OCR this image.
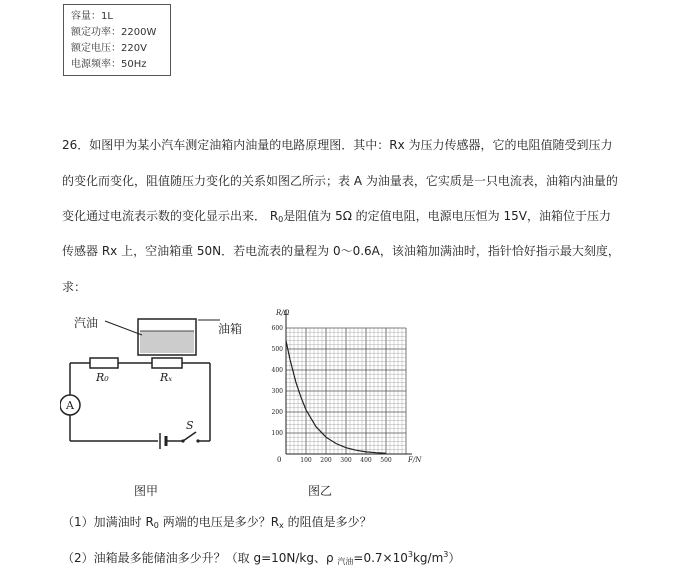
容量：1L
额定功率：2200W
额定电压：220V
电源频率：50Hz
26．如图甲为某小汽车测定油箱内油量的电路原理图．其中：Rx 为压力传感器，它的电阻值随受到压力
的变化而变化，阻值随压力变化的关系如图乙所示；表 A 为油量表，它实质是一只电流表，油箱内油量的
变化通过电流表示数的变化显示出来． $R_0$是阻值为 5Ω 的定值电阻，电源电压恒为 15V，油箱位于压力
传感器 Rx 上，空油箱重 50N．若电流表的量程为 0～0.6A，该油箱加满油时，指针恰好指示最大刻度，
求：
汽油	油箱
R₀	Rₓ
A
S
图甲
100 200 300 400 500
100
200
300
400
500
600
R/Ω
F/N
0
图乙
（1）加满油时 $R_0$ 两端的电压是多少？$R_x$ 的阻值是多少？
（2）油箱最多能储油多少升？（取 g=10N/kg、ρ $_{汽油}=0.7\times 10^3kg/m^3$）
